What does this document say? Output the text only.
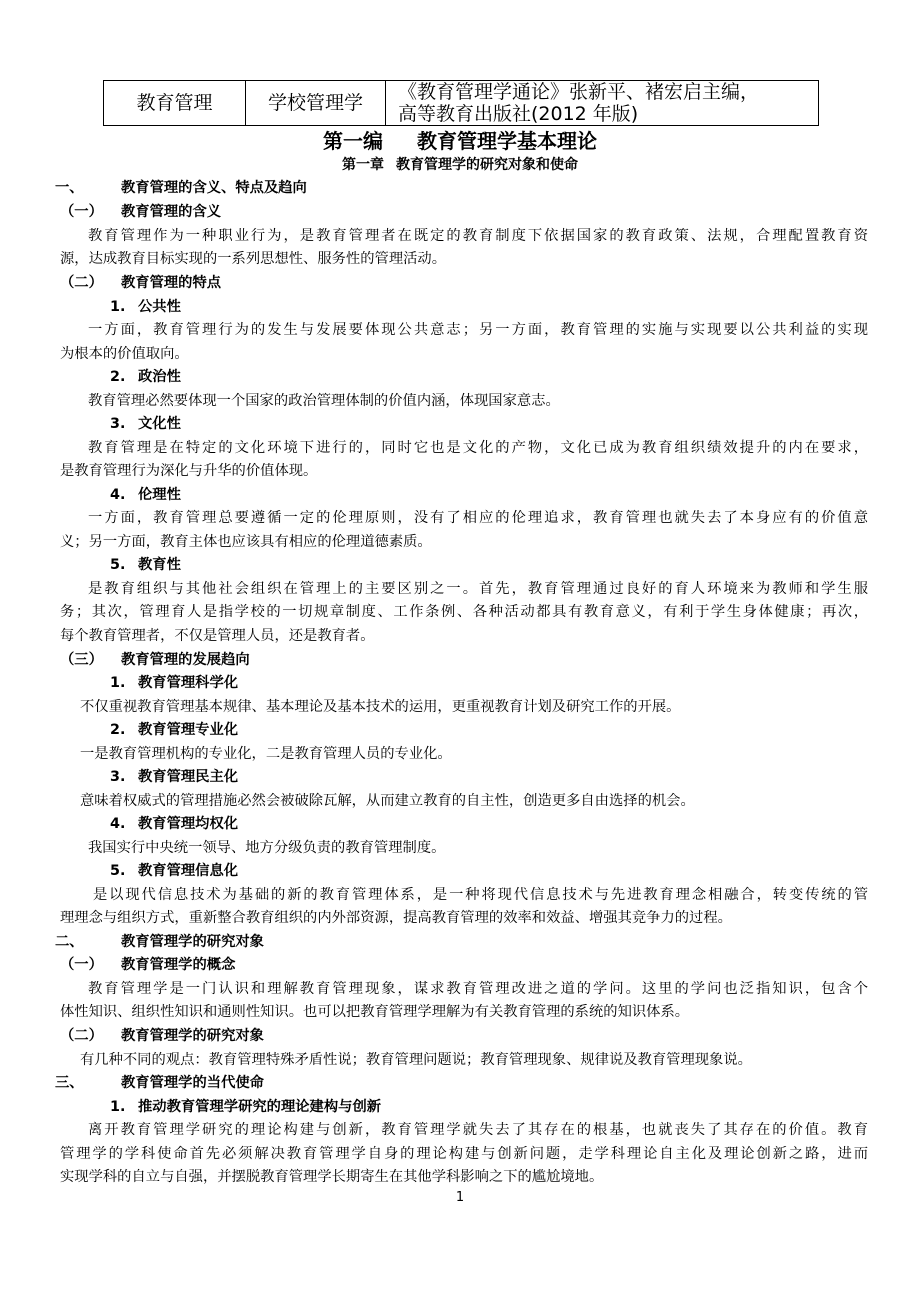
教育管理	学校管理学	《教育管理学通论》张新平、褚宏启主编，
高等教育出版社(2012 年版)
第一编 教育管理学基本理论
第一章 教育管理学的研究对象和使命
一、	教育管理的含义、特点及趋向
（一） 教育管理的含义
教育管理作为一种职业行为，是教育管理者在既定的教育制度下依据国家的教育政策、法规，合理配置教育资
源，达成教育目标实现的一系列思想性、服务性的管理活动。
（二） 教育管理的特点
1. 公共性
一方面，教育管理行为的发生与发展要体现公共意志；另一方面，教育管理的实施与实现要以公共利益的实现
为根本的价值取向。
2. 政治性
教育管理必然要体现一个国家的政治管理体制的价值内涵，体现国家意志。
3. 文化性
教育管理是在特定的文化环境下进行的，同时它也是文化的产物，文化已成为教育组织绩效提升的内在要求，
是教育管理行为深化与升华的价值体现。
4. 伦理性
一方面，教育管理总要遵循一定的伦理原则，没有了相应的伦理追求，教育管理也就失去了本身应有的价值意
义；另一方面，教育主体也应该具有相应的伦理道德素质。
5. 教育性
是教育组织与其他社会组织在管理上的主要区别之一。首先，教育管理通过良好的育人环境来为教师和学生服
务；其次，管理育人是指学校的一切规章制度、工作条例、各种活动都具有教育意义，有利于学生身体健康；再次，
每个教育管理者，不仅是管理人员，还是教育者。
（三） 教育管理的发展趋向
1. 教育管理科学化
不仅重视教育管理基本规律、基本理论及基本技术的运用，更重视教育计划及研究工作的开展。
2. 教育管理专业化
一是教育管理机构的专业化，二是教育管理人员的专业化。
3. 教育管理民主化
意味着权威式的管理措施必然会被破除瓦解，从而建立教育的自主性，创造更多自由选择的机会。
4. 教育管理均权化
我国实行中央统一领导、地方分级负责的教育管理制度。
5. 教育管理信息化
是以现代信息技术为基础的新的教育管理体系，是一种将现代信息技术与先进教育理念相融合，转变传统的管
理理念与组织方式，重新整合教育组织的内外部资源，提高教育管理的效率和效益、增强其竞争力的过程。
二、	教育管理学的研究对象
（一） 教育管理学的概念
教育管理学是一门认识和理解教育管理现象，谋求教育管理改进之道的学问。这里的学问也泛指知识，包含个
体性知识、组织性知识和通则性知识。也可以把教育管理学理解为有关教育管理的系统的知识体系。
（二） 教育管理学的研究对象
有几种不同的观点：教育管理特殊矛盾性说；教育管理问题说；教育管理现象、规律说及教育管理现象说。
三、	教育管理学的当代使命
1. 推动教育管理学研究的理论建构与创新
离开教育管理学研究的理论构建与创新，教育管理学就失去了其存在的根基，也就丧失了其存在的价值。教育
管理学的学科使命首先必须解决教育管理学自身的理论构建与创新问题，走学科理论自主化及理论创新之路，进而
实现学科的自立与自强，并摆脱教育管理学长期寄生在其他学科影响之下的尴尬境地。
1
